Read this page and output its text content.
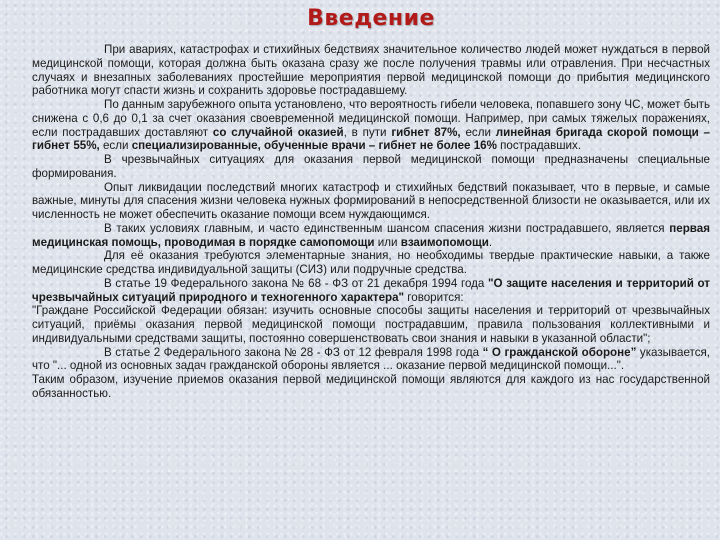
Введение

При авариях, катастрофах и стихийных бедствиях значительное количество людей может нуждаться в первой медицинской помощи, которая должна быть оказана сразу же после получения травмы или отравления. При несчастных случаях и внезапных заболеваниях простейшие мероприятия первой медицинской помощи до прибытия медицинского работника могут спасти жизнь и сохранить здоровье пострадавшему.

По данным зарубежного опыта установлено, что вероятность гибели человека, попавшего зону ЧС, может быть снижена с 0,6 до 0,1 за счет оказания своевременной медицинской помощи. Например, при самых тяжелых поражениях, если пострадавших доставляют со случайной оказией, в пути гибнет 87%, если линейная бригада скорой помощи – гибнет 55%, если специализированные, обученные врачи – гибнет не более 16% пострадавших.

В чрезвычайных ситуациях для оказания первой медицинской помощи предназначены специальные формирования.

Опыт ликвидации последствий многих катастроф и стихийных бедствий показывает, что в первые, и самые важные, минуты для спасения жизни человека нужных формирований в непосредственной близости не оказывается, или их численность не может обеспечить оказание помощи всем нуждающимся.

В таких условиях главным, и часто единственным шансом спасения жизни пострадавшего, является первая медицинская помощь, проводимая в порядке самопомощи или взаимопомощи.

Для её оказания требуются элементарные знания, но необходимы твердые практические навыки, а также медицинские средства индивидуальной защиты (СИЗ) или подручные средства.

В статье 19 Федерального закона № 68 - ФЗ от 21 декабря 1994 года "О защите населения и территорий от чрезвычайных ситуаций природного и техногенного характера" говорится:

"Граждане Российской Федерации обязан: изучить основные способы защиты населения и территорий от чрезвычайных ситуаций, приёмы оказания первой медицинской помощи пострадавшим, правила пользования коллективными и индивидуальными средствами защиты, постоянно совершенствовать свои знания и навыки в указанной области";

В статье 2 Федерального закона № 28 - ФЗ от 12 февраля 1998 года “ О гражданской обороне” указывается, что "... одной из основных задач гражданской обороны является ... оказание первой медицинской помощи...".

Таким образом, изучение приемов оказания первой медицинской помощи являются для каждого из нас государственной обязанностью.
